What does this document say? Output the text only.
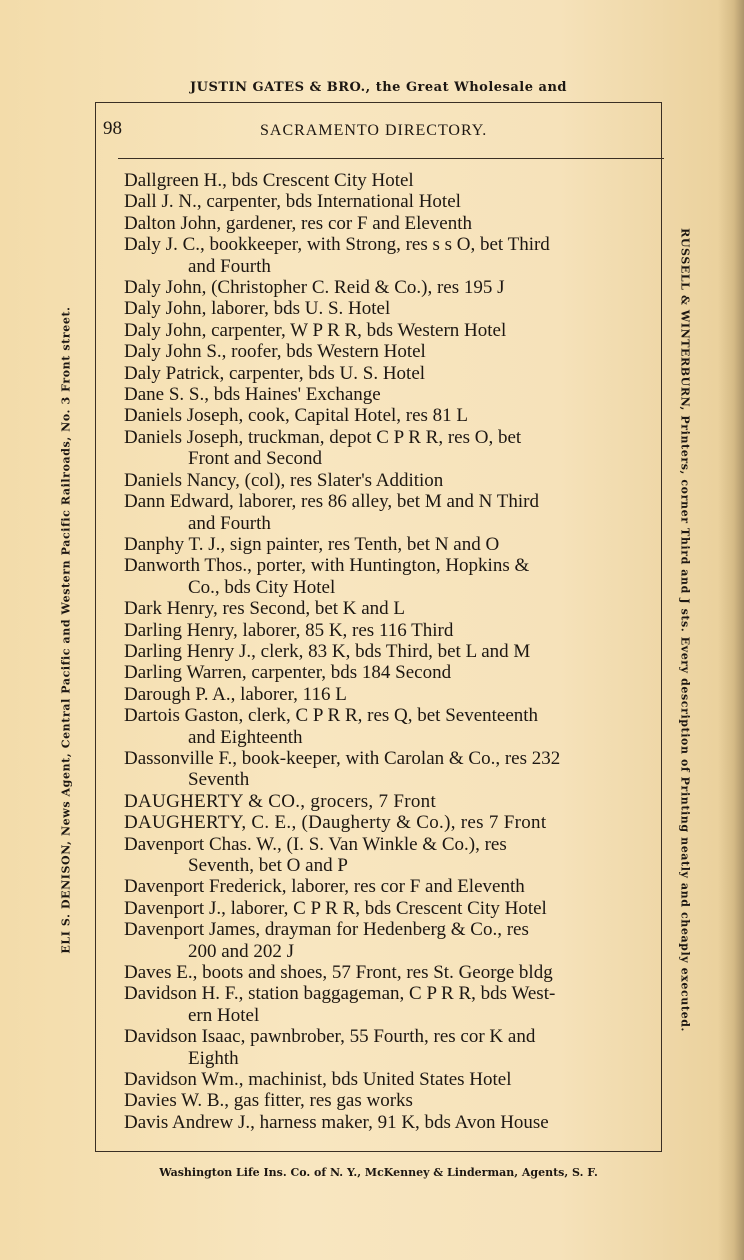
JUSTIN GATES & BRO., the Great Wholesale and
ELI S. DENISON, News Agent, Central Pacific and Western Pacific Railroads, No. 3 Front street.	RUSSELL & WINTERBURN, Printers, corner Third and J sts. Every description of Printing neatly and cheaply executed.
98	SACRAMENTO DIRECTORY.
Dallgreen H., bds Crescent City Hotel
Dall J. N., carpenter, bds International Hotel
Dalton John, gardener, res cor F and Eleventh
Daly J. C., bookkeeper, with Strong, res s s O, bet Third
and Fourth
Daly John, (Christopher C. Reid & Co.), res 195 J
Daly John, laborer, bds U. S. Hotel
Daly John, carpenter, W P R R, bds Western Hotel
Daly John S., roofer, bds Western Hotel
Daly Patrick, carpenter, bds U. S. Hotel
Dane S. S., bds Haines' Exchange
Daniels Joseph, cook, Capital Hotel, res 81 L
Daniels Joseph, truckman, depot C P R R, res O, bet
Front and Second
Daniels Nancy, (col), res Slater's Addition
Dann Edward, laborer, res 86 alley, bet M and N Third
and Fourth
Danphy T. J., sign painter, res Tenth, bet N and O
Danworth Thos., porter, with Huntington, Hopkins &
Co., bds City Hotel
Dark Henry, res Second, bet K and L
Darling Henry, laborer, 85 K, res 116 Third
Darling Henry J., clerk, 83 K, bds Third, bet L and M
Darling Warren, carpenter, bds 184 Second
Darough P. A., laborer, 116 L
Dartois Gaston, clerk, C P R R, res Q, bet Seventeenth
and Eighteenth
Dassonville F., book-keeper, with Carolan & Co., res 232
Seventh
DAUGHERTY & CO., grocers, 7 Front
DAUGHERTY, C. E., (Daugherty & Co.), res 7 Front
Davenport Chas. W., (I. S. Van Winkle & Co.), res
Seventh, bet O and P
Davenport Frederick, laborer, res cor F and Eleventh
Davenport J., laborer, C P R R, bds Crescent City Hotel
Davenport James, drayman for Hedenberg & Co., res
200 and 202 J
Daves E., boots and shoes, 57 Front, res St. George bldg
Davidson H. F., station baggageman, C P R R, bds West-
ern Hotel
Davidson Isaac, pawnbrober, 55 Fourth, res cor K and
Eighth
Davidson Wm., machinist, bds United States Hotel
Davies W. B., gas fitter, res gas works
Davis Andrew J., harness maker, 91 K, bds Avon House
Washington Life Ins. Co. of N. Y., McKenney & Linderman, Agents, S. F.
